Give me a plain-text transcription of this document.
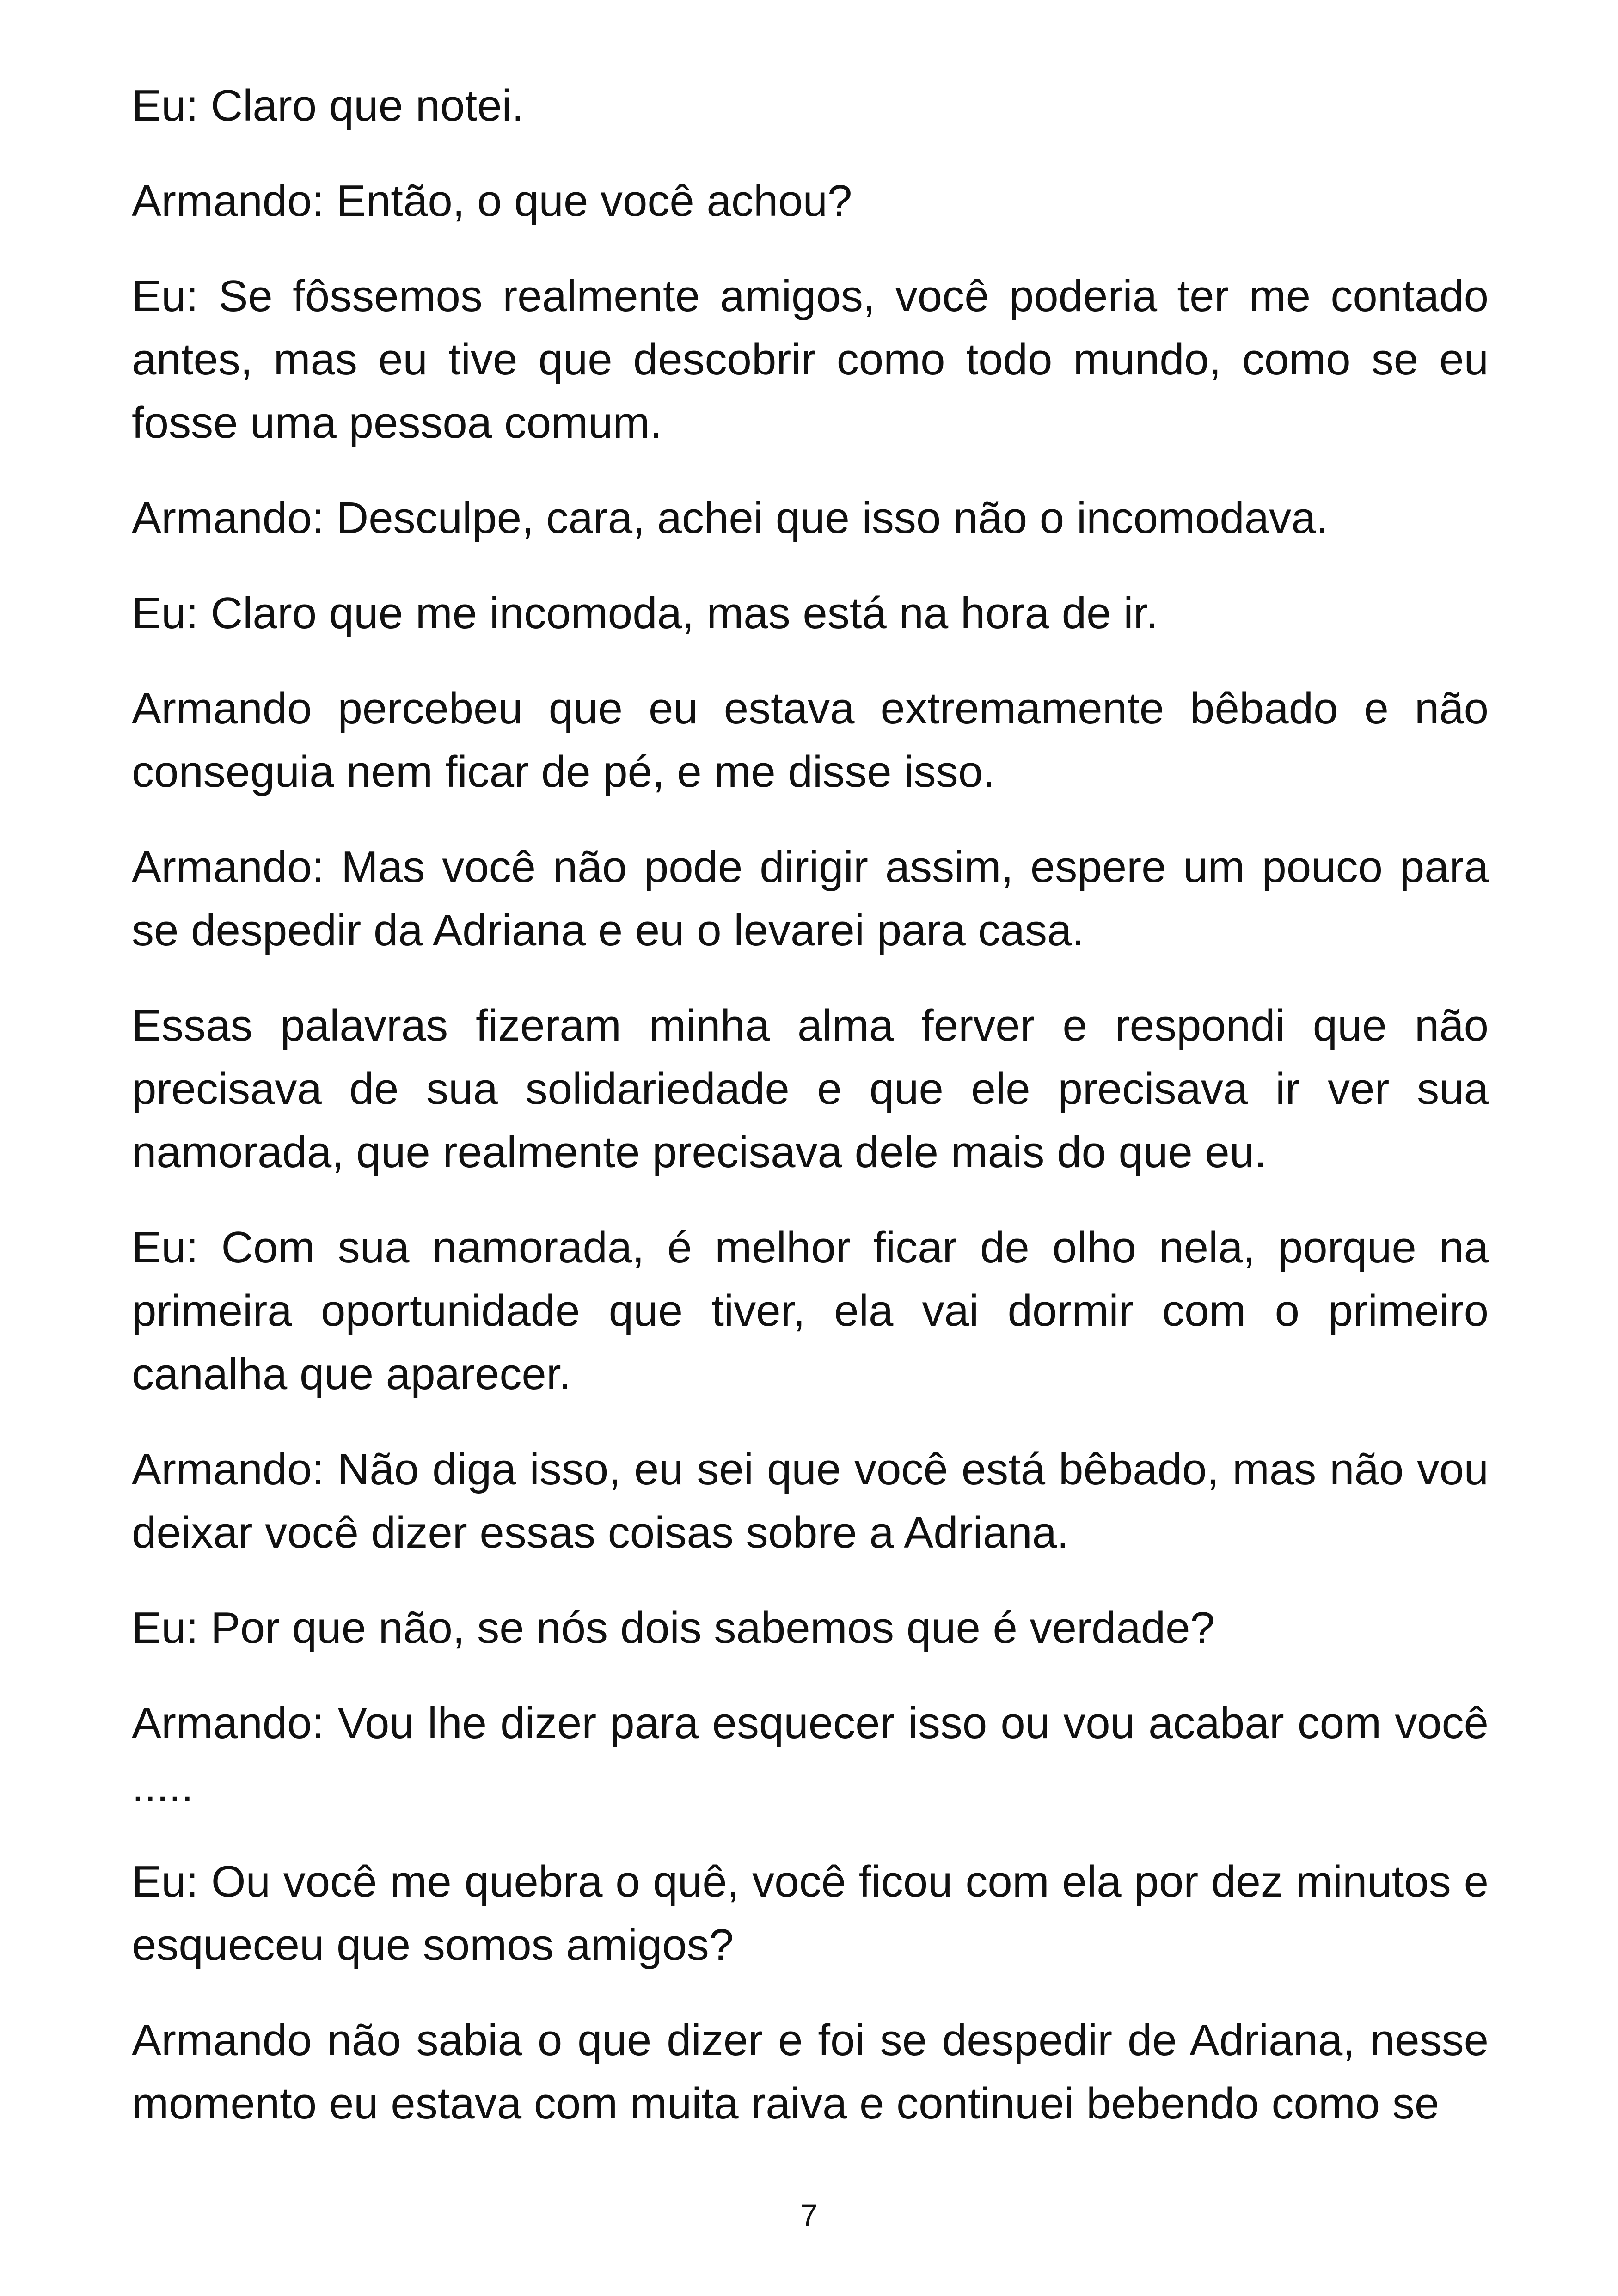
Eu: Claro que notei.

Armando: Então, o que você achou?

Eu: Se fôssemos realmente amigos, você poderia ter me contado antes, mas eu tive que descobrir como todo mundo, como se eu fosse uma pessoa comum.

Armando: Desculpe, cara, achei que isso não o incomodava.

Eu: Claro que me incomoda, mas está na hora de ir.

Armando percebeu que eu estava extremamente bêbado e não conseguia nem ficar de pé, e me disse isso.

Armando: Mas você não pode dirigir assim, espere um pouco para se despedir da Adriana e eu o levarei para casa.

Essas palavras fizeram minha alma ferver e respondi que não precisava de sua solidariedade e que ele precisava ir ver sua namorada, que realmente precisava dele mais do que eu.

Eu: Com sua namorada, é melhor ficar de olho nela, porque na primeira oportunidade que tiver, ela vai dormir com o primeiro canalha que aparecer.

Armando: Não diga isso, eu sei que você está bêbado, mas não vou deixar você dizer essas coisas sobre a Adriana.

Eu: Por que não, se nós dois sabemos que é verdade?

Armando: Vou lhe dizer para esquecer isso ou vou acabar com você .....

Eu: Ou você me quebra o quê, você ficou com ela por dez minutos e esqueceu que somos amigos?

Armando não sabia o que dizer e foi se despedir de Adriana, nesse momento eu estava com muita raiva e continuei bebendo como se

7
